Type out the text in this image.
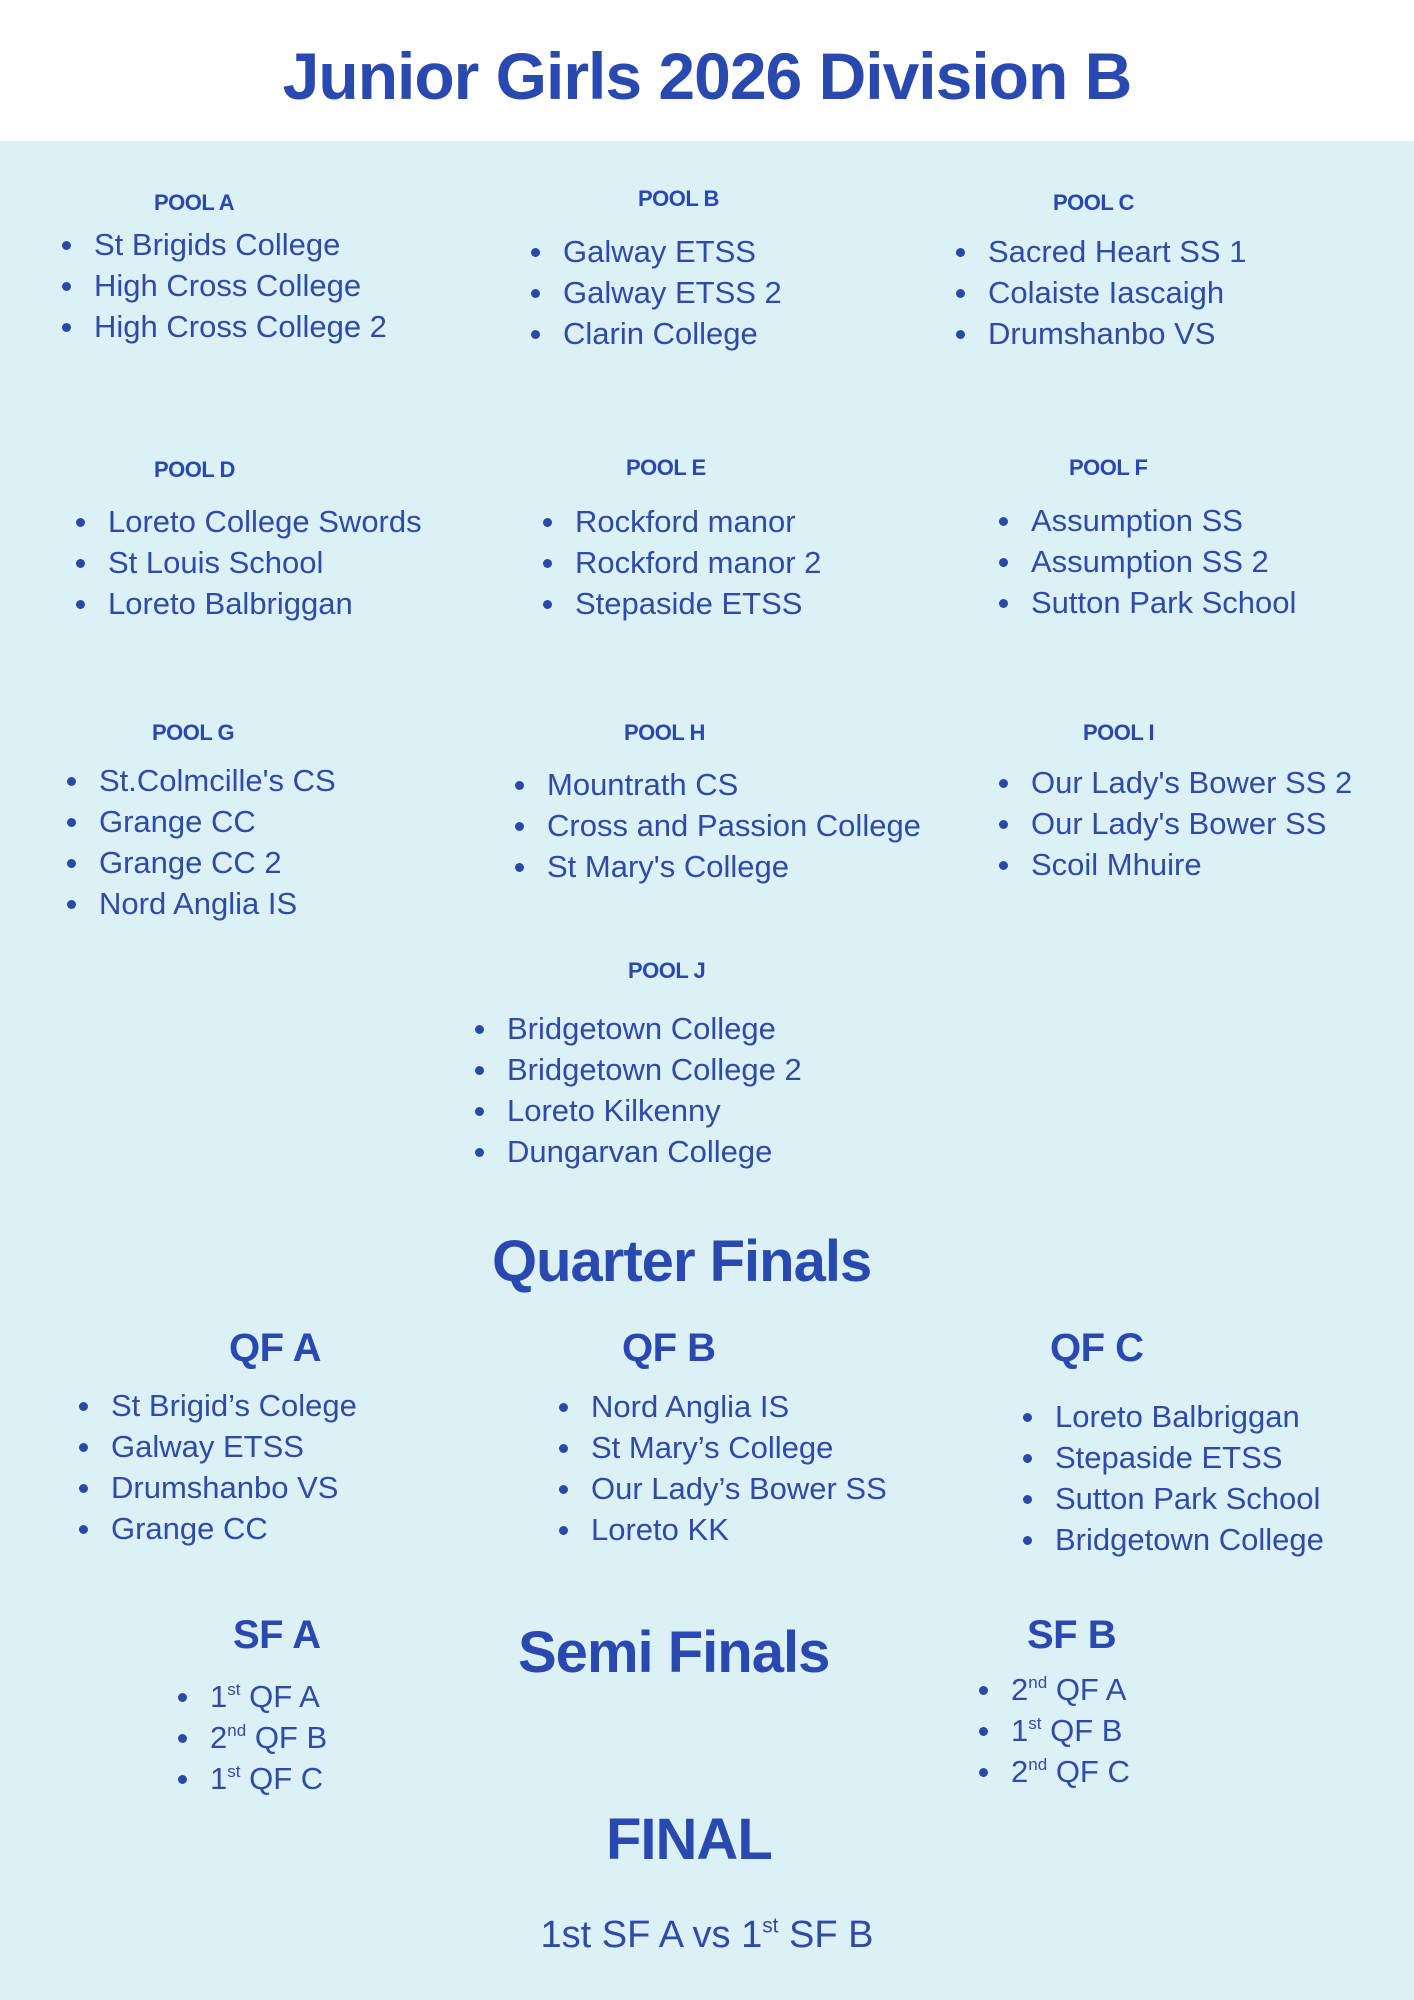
Junior Girls 2026 Division B
POOL A
St Brigids College
High Cross College
High Cross College 2
POOL B
Galway ETSS
Galway ETSS 2
Clarin College
POOL C
Sacred Heart SS 1
Colaiste Iascaigh
Drumshanbo VS
POOL D
Loreto College Swords
St Louis School
Loreto Balbriggan
POOL E
Rockford manor
Rockford manor 2
Stepaside ETSS
POOL F
Assumption SS
Assumption SS 2
Sutton Park School
POOL G
St.Colmcille's CS
Grange CC
Grange CC 2
Nord Anglia IS
POOL H
Mountrath CS
Cross and Passion College
St Mary's College
POOL I
Our Lady's Bower SS 2
Our Lady's Bower SS
Scoil Mhuire
POOL J
Bridgetown College
Bridgetown College 2
Loreto Kilkenny
Dungarvan College
Quarter Finals
QF A
St Brigid’s Colege
Galway ETSS
Drumshanbo VS
Grange CC
QF B
Nord Anglia IS
St Mary’s College
Our Lady’s Bower SS
Loreto KK
QF C
Loreto Balbriggan
Stepaside ETSS
Sutton Park School
Bridgetown College
SF A
1st QF A
2nd QF B
1st QF C
Semi Finals	SF B
2nd QF A
1st QF B
2nd QF C
FINAL
1st SF A vs 1st SF B
